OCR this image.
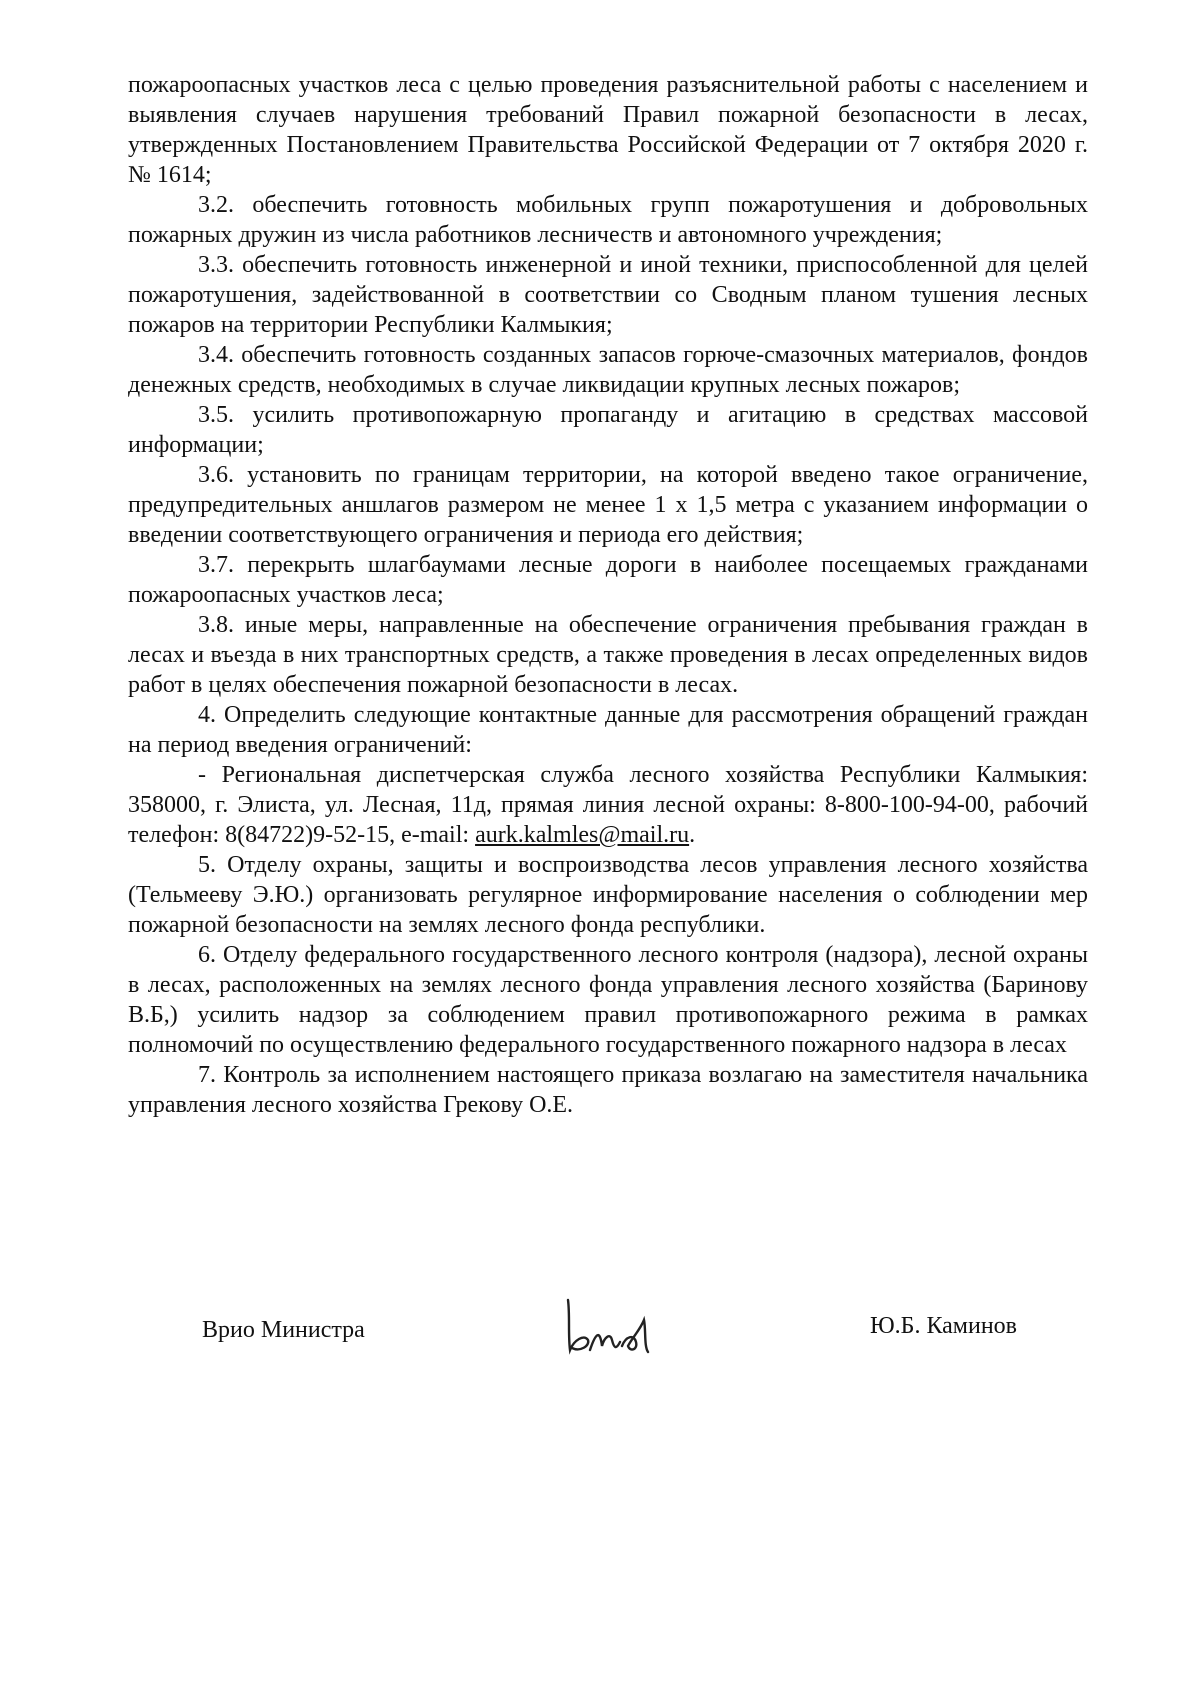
пожароопасных участков леса с целью проведения разъяснительной работы с населением и выявления случаев нарушения требований Правил пожарной безопасности в лесах, утвержденных Постановлением Правительства Российской Федерации от 7 октября 2020 г. № 1614;

3.2. обеспечить готовность мобильных групп пожаротушения и добровольных пожарных дружин из числа работников лесничеств и автономного учреждения;

3.3. обеспечить готовность инженерной и иной техники, приспособленной для целей пожаротушения, задействованной в соответствии со Сводным планом тушения лесных пожаров на территории Республики Калмыкия;

3.4. обеспечить готовность созданных запасов горюче-смазочных материалов, фондов денежных средств, необходимых в случае ликвидации крупных лесных пожаров;

3.5. усилить противопожарную пропаганду и агитацию в средствах массовой информации;

3.6. установить по границам территории, на которой введено такое ограничение, предупредительных аншлагов размером не менее 1 x 1,5 метра с указанием информации о введении соответствующего ограничения и периода его действия;

3.7. перекрыть шлагбаумами лесные дороги в наиболее посещаемых гражданами пожароопасных участков леса;

3.8. иные меры, направленные на обеспечение ограничения пребывания граждан в лесах и въезда в них транспортных средств, а также проведения в лесах определенных видов работ в целях обеспечения пожарной безопасности в лесах.

4. Определить следующие контактные данные для рассмотрения обращений граждан на период введения ограничений:

- Региональная диспетчерская служба лесного хозяйства Республики Калмыкия: 358000, г. Элиста, ул. Лесная, 11д, прямая линия лесной охраны: 8-800-100-94-00, рабочий телефон: 8(84722)9-52-15, e-mail: aurk.kalmles@mail.ru.

5. Отделу охраны, защиты и воспроизводства лесов управления лесного хозяйства (Тельмееву Э.Ю.) организовать регулярное информирование населения о соблюдении мер пожарной безопасности на землях лесного фонда республики.

6. Отделу федерального государственного лесного контроля (надзора), лесной охраны в лесах, расположенных на землях лесного фонда управления лесного хозяйства (Баринову В.Б,) усилить надзор за соблюдением правил противопожарного режима в рамках полномочий по осуществлению федерального государственного пожарного надзора в лесах

7. Контроль за исполнением настоящего приказа возлагаю на заместителя начальника управления лесного хозяйства Грекову О.Е.

Врио Министра	Ю.Б. Каминов
